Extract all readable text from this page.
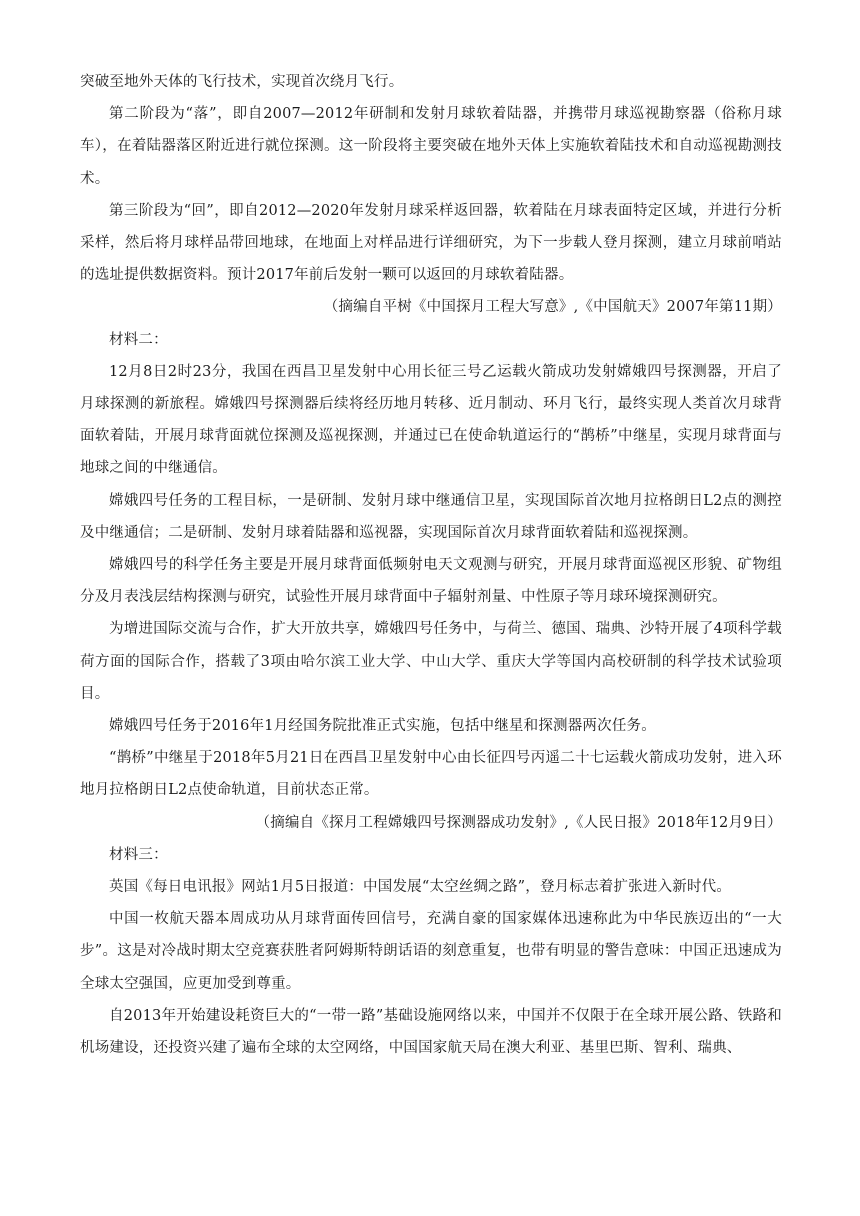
突破至地外天体的飞行技术，实现首次绕月飞行。

第二阶段为“落”，即自2007—2012年研制和发射月球软着陆器，并携带月球巡视勘察器（俗称月球车），在着陆器落区附近进行就位探测。这一阶段将主要突破在地外天体上实施软着陆技术和自动巡视勘测技术。

第三阶段为“回”，即自2012—2020年发射月球采样返回器，软着陆在月球表面特定区域，并进行分析采样，然后将月球样品带回地球，在地面上对样品进行详细研究，为下一步载人登月探测，建立月球前哨站的选址提供数据资料。预计2017年前后发射一颗可以返回的月球软着陆器。

（摘编自平树《中国探月工程大写意》,《中国航天》2007年第11期）

材料二：

12月8日2时23分，我国在西昌卫星发射中心用长征三号乙运载火箭成功发射嫦娥四号探测器，开启了月球探测的新旅程。嫦娥四号探测器后续将经历地月转移、近月制动、环月飞行，最终实现人类首次月球背面软着陆，开展月球背面就位探测及巡视探测，并通过已在使命轨道运行的“鹊桥”中继星，实现月球背面与地球之间的中继通信。

嫦娥四号任务的工程目标，一是研制、发射月球中继通信卫星，实现国际首次地月拉格朗日L2点的测控及中继通信；二是研制、发射月球着陆器和巡视器，实现国际首次月球背面软着陆和巡视探测。

嫦娥四号的科学任务主要是开展月球背面低频射电天文观测与研究，开展月球背面巡视区形貌、矿物组分及月表浅层结构探测与研究，试验性开展月球背面中子辐射剂量、中性原子等月球环境探测研究。

为增进国际交流与合作，扩大开放共享，嫦娥四号任务中，与荷兰、德国、瑞典、沙特开展了4项科学载荷方面的国际合作，搭载了3项由哈尔滨工业大学、中山大学、重庆大学等国内高校研制的科学技术试验项目。

嫦娥四号任务于2016年1月经国务院批准正式实施，包括中继星和探测器两次任务。

“鹊桥”中继星于2018年5月21日在西昌卫星发射中心由长征四号丙遥二十七运载火箭成功发射，进入环地月拉格朗日L2点使命轨道，目前状态正常。

（摘编自《探月工程嫦娥四号探测器成功发射》,《人民日报》2018年12月9日）

材料三：

英国《每日电讯报》网站1月5日报道：中国发展“太空丝绸之路”，登月标志着扩张进入新时代。

中国一枚航天器本周成功从月球背面传回信号，充满自豪的国家媒体迅速称此为中华民族迈出的“一大步”。这是对冷战时期太空竞赛获胜者阿姆斯特朗话语的刻意重复，也带有明显的警告意味：中国正迅速成为全球太空强国，应更加受到尊重。

自2013年开始建设耗资巨大的“一带一路”基础设施网络以来，中国并不仅限于在全球开展公路、铁路和机场建设，还投资兴建了遍布全球的太空网络，中国国家航天局在澳大利亚、基里巴斯、智利、瑞典、
